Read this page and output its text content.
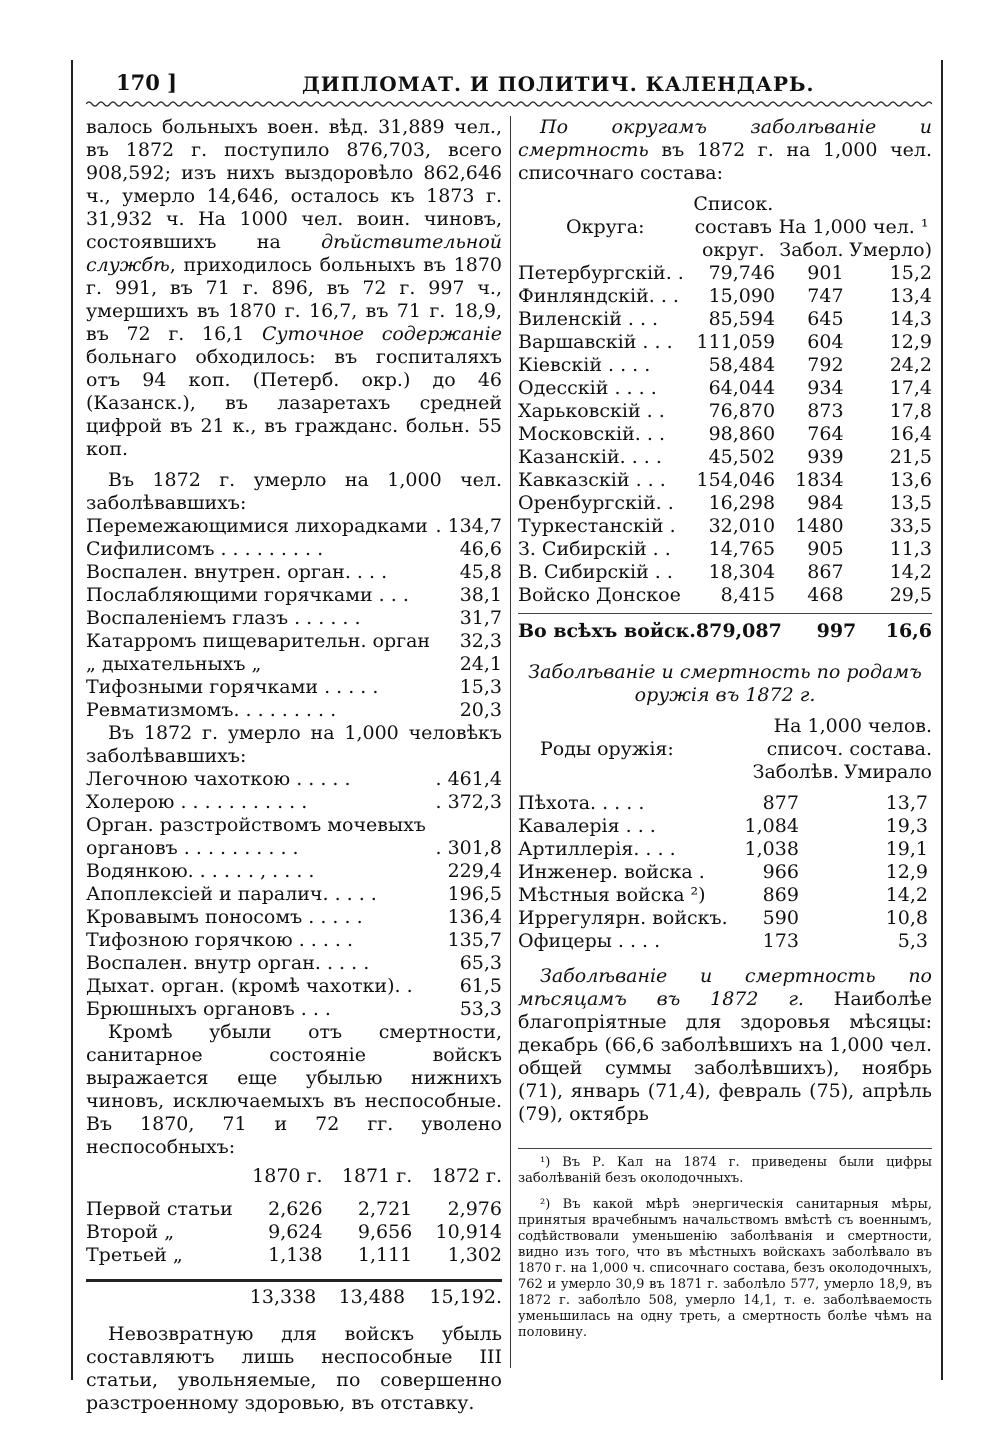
170 ]	ДИПЛОМАТ. И ПОЛИТИЧ. КАЛЕНДАРЬ.

валось больныхъ воен. вѣд. 31,889 чел., въ 1872 г. поступило 876,703, всего 908,592; изъ нихъ выздоровѣло 862,646 ч., умерло 14,646, осталось къ 1873 г. 31,932 ч. На 1000 чел. воин. чиновъ, состоявшихъ на дѣйствительной службѣ, приходилось больныхъ въ 1870 г. 991, въ 71 г. 896, въ 72 г. 997 ч., умершихъ въ 1870 г. 16,7, въ 71 г. 18,9, въ 72 г. 16,1 Суточное содержаніе больнаго обходилось: въ госпиталяхъ отъ 94 коп. (Петерб. окр.) до 46 (Казанск.), въ лазаретахъ средней цифрой въ 21 к., въ гражданс. больн. 55 коп.

Въ 1872 г. умерло на 1,000 чел. заболѣвавшихъ:

Перемежающимися лихорадками . 134,7
Сифилисомъ . . . . . . . . .	46,6
Воспален. внутрен. орган. . . .	45,8
Послабляющими горячками . . .	38,1
Воспаленіемъ глазъ . . . . . .	31,7
Катарромъ пищеварительн. орган	32,3
„ дыхательныхъ „	24,1
Тифозными горячками . . . . .	15,3
Ревматизмомъ. . . . . . . . .	20,3

Въ 1872 г. умерло на 1,000 человѣкъ заболѣвавшихъ:

Легочною чахоткою . . . . .	. 461,4
Холерою . . . . . . . . . . .	. 372,3
Орган. разстройствомъ мочевыхъ
органовъ . . . . . . . . . .	. 301,8
Водянкою. . . . . . , . . . .	229,4
Апоплексіей и паралич. . . . .	196,5
Кровавымъ поносомъ . . . . .	136,4
Тифозною горячкою . . . . .	135,7
Воспален. внутр орган. . . . .	65,3
Дыхат. орган. (кромѣ чахотки). .	61,5
Брюшныхъ органовъ . . .	53,3

Кромѣ убыли отъ смертности, санитарное состояніе войскъ выражается еще убылью нижнихъ чиновъ, исключаемыхъ въ неспособные. Въ 1870, 71 и 72 гг. уволено неспособныхъ:

	1870 г.	1871 г.	1872 г.

Первой статьи	2,626	2,721	2,976
Второй „	9,624	9,656	10,914
Третьей „	1,138	1,111	1,302
	13,338	13,488	15,192.

Невозвратную для войскъ убыль составляютъ лишь неспособные III статьи, увольняемые, по совершенно разстроенному здоровью, въ отставку.

По округамъ заболѣваніе и смертность въ 1872 г. на 1,000 чел. списочнаго состава:

Округа:	Список.		
	составъ	На 1,000 чел. ¹	
	округ.	Забол.	Умерло)
Петербургскій. .	79,746	901	15,2
Финляндскій. . .	15,090	747	13,4
Виленскій . . .	85,594	645	14,3
Варшавскій . . .	111,059	604	12,9
Кіевскій . . . .	58,484	792	24,2
Одесскій . . . .	64,044	934	17,4
Харьковскій . .	76,870	873	17,8
Московскій. . .	98,860	764	16,4
Казанскій. . . .	45,502	939	21,5
Кавказскій . . .	154,046	1834	13,6
Оренбургскій. .	16,298	984	13,5
Туркестанскій .	32,010	1480	33,5
З. Сибирскій . .	14,765	905	11,3
В. Сибирскій . .	18,304	867	14,2
Войско Донское	8,415	468	29,5
Во всѣхъ войск.	879,087	997	16,6

Заболѣваніе и смертность по родамъ оружія въ 1872 г.

	На 1,000 челов.	
Роды оружія:	списоч. состава.	
	Заболѣв.	Умирало

Пѣхота. . . . .	877	13,7
Кавалерія . . .	1,084	19,3
Артиллерія. . . .	1,038	19,1
Инженер. войска .	966	12,9
Мѣстныя войска ²)	869	14,2
Иррегулярн. войскъ.	590	10,8
Офицеры . . . .	173	5,3

Заболѣваніе и смертность по мѣсяцамъ въ 1872 г. Наиболѣе благопріятные для здоровья мѣсяцы: декабрь (66,6 заболѣвшихъ на 1,000 чел. общей суммы заболѣвшихъ), ноябрь (71), январь (71,4), февраль (75), апрѣль (79), октябрь

¹) Въ Р. Кал на 1874 г. приведены были цифры заболѣваній безъ околодочныхъ.

²) Въ какой мѣрѣ энергическія санитарныя мѣры, принятыя врачебнымъ начальствомъ вмѣстѣ съ военнымъ, содѣйствовали уменьшенію заболѣванія и смертности, видно изъ того, что въ мѣстныхъ войскахъ заболѣвало въ 1870 г. на 1,000 ч. списочнаго состава, безъ околодочныхъ, 762 и умерло 30,9 въ 1871 г. заболѣло 577, умерло 18,9, въ 1872 г. заболѣло 508, умерло 14,1, т. е. заболѣваемость уменьшилась на одну треть, а смертность болѣе чѣмъ на половину.
